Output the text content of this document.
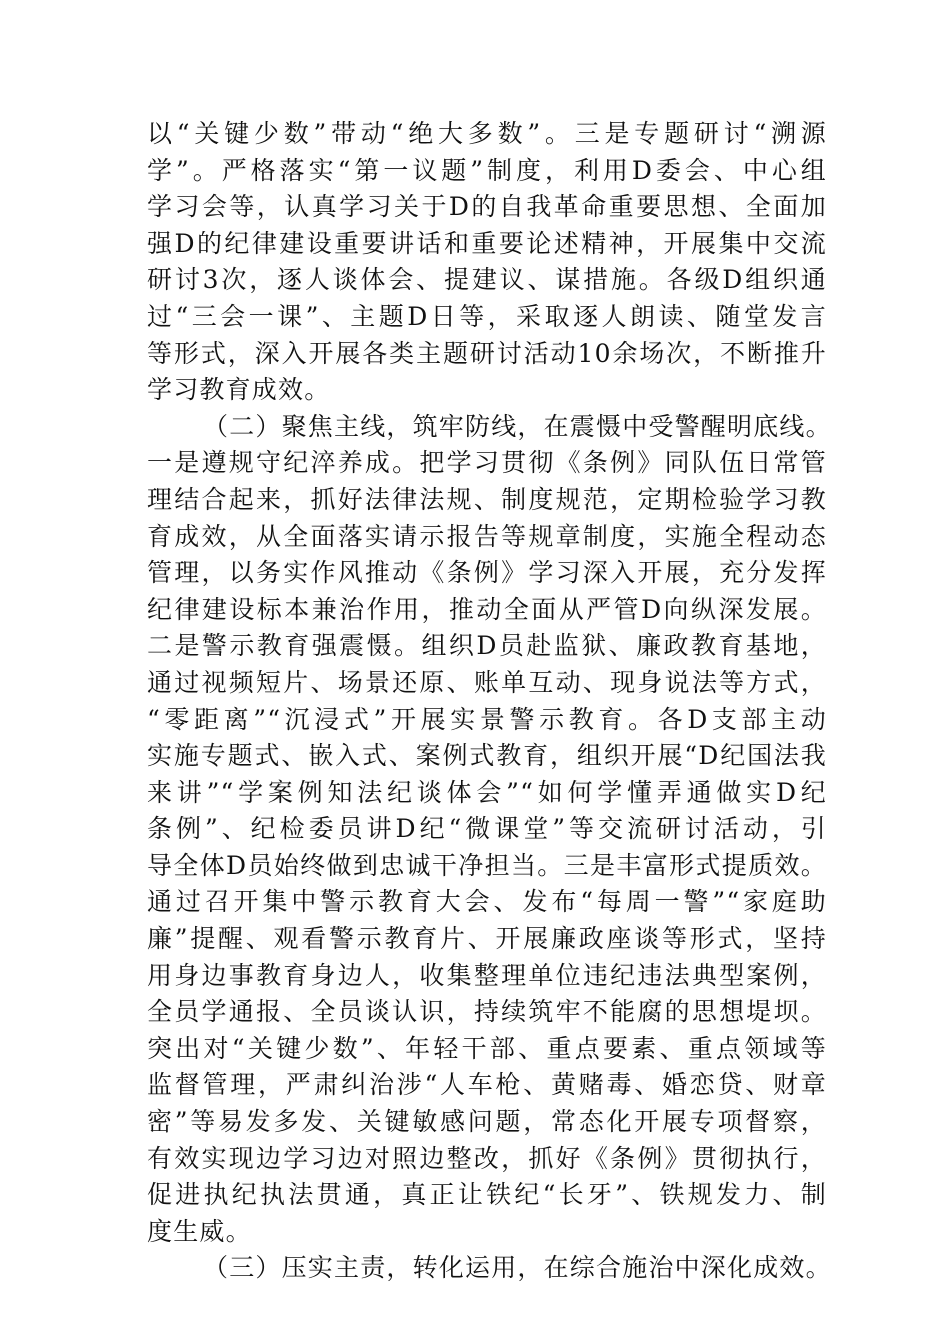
以“关键少数”带动“绝大多数”。三是专题研讨“溯源
学”。严格落实“第一议题”制度，利用D委会、中心组
学习会等，认真学习关于D的自我革命重要思想、全面加
强D的纪律建设重要讲话和重要论述精神，开展集中交流
研讨3次，逐人谈体会、提建议、谋措施。各级D组织通
过“三会一课”、主题D日等，采取逐人朗读、随堂发言
等形式，深入开展各类主题研讨活动10余场次，不断推升
学习教育成效。
（二）聚焦主线，筑牢防线，在震慑中受警醒明底线。
一是遵规守纪淬养成。把学习贯彻《条例》同队伍日常管
理结合起来，抓好法律法规、制度规范，定期检验学习教
育成效，从全面落实请示报告等规章制度，实施全程动态
管理，以务实作风推动《条例》学习深入开展，充分发挥
纪律建设标本兼治作用，推动全面从严管D向纵深发展。
二是警示教育强震慑。组织D员赴监狱、廉政教育基地，
通过视频短片、场景还原、账单互动、现身说法等方式，
“零距离”“沉浸式”开展实景警示教育。各D支部主动
实施专题式、嵌入式、案例式教育，组织开展“D纪国法我
来讲”“学案例知法纪谈体会”“如何学懂弄通做实D纪
条例”、纪检委员讲D纪“微课堂”等交流研讨活动，引
导全体D员始终做到忠诚干净担当。三是丰富形式提质效。
通过召开集中警示教育大会、发布“每周一警”“家庭助
廉”提醒、观看警示教育片、开展廉政座谈等形式，坚持
用身边事教育身边人，收集整理单位违纪违法典型案例，
全员学通报、全员谈认识，持续筑牢不能腐的思想堤坝。
突出对“关键少数”、年轻干部、重点要素、重点领域等
监督管理，严肃纠治涉“人车枪、黄赌毒、婚恋贷、财章
密”等易发多发、关键敏感问题，常态化开展专项督察，
有效实现边学习边对照边整改，抓好《条例》贯彻执行，
促进执纪执法贯通，真正让铁纪“长牙”、铁规发力、制
度生威。
（三）压实主责，转化运用，在综合施治中深化成效。
